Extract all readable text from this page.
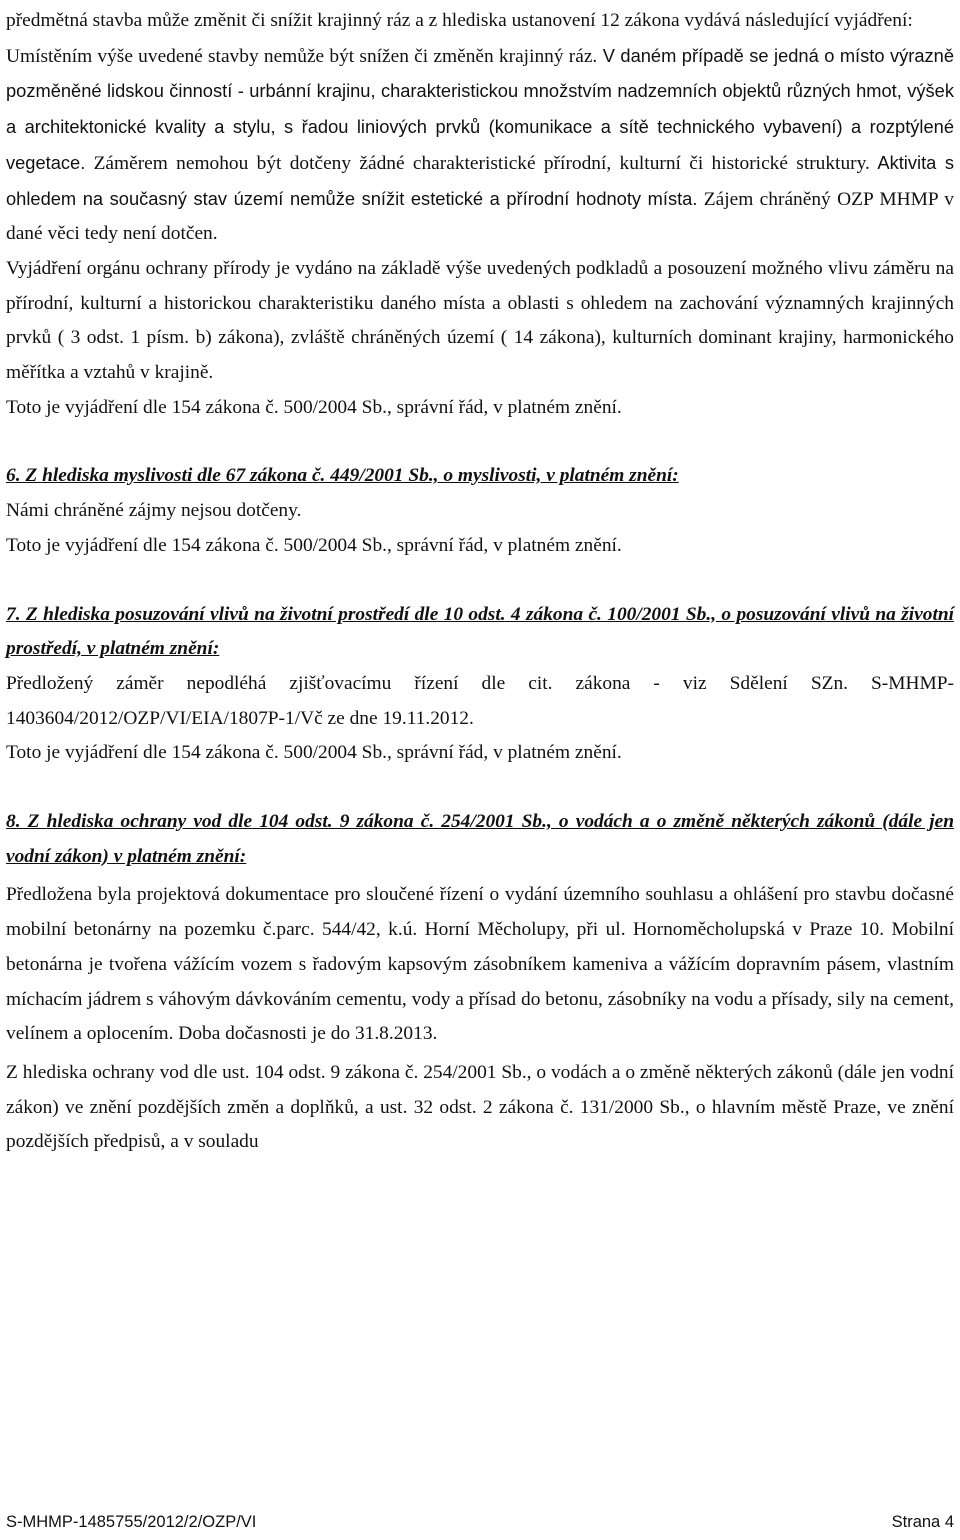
předmětná stavba může změnit či snížit krajinný ráz a z hlediska ustanovení 12 zákona vydává následující vyjádření:

Umístěním výše uvedené stavby nemůže být snížen či změněn krajinný ráz. V daném případě se jedná o místo výrazně pozměněné lidskou činností - urbánní krajinu, charakteristickou množstvím nadzemních objektů různých hmot, výšek a architektonické kvality a stylu, s řadou liniových prvků (komunikace a sítě technického vybavení) a rozptýlené vegetace. Záměrem nemohou být dotčeny žádné charakteristické přírodní, kulturní či historické struktury. Aktivita s ohledem na současný stav území nemůže snížit estetické a přírodní hodnoty místa. Zájem chráněný OZP MHMP v dané věci tedy není dotčen.

Vyjádření orgánu ochrany přírody je vydáno na základě výše uvedených podkladů a posouzení možného vlivu záměru na přírodní, kulturní a historickou charakteristiku daného místa a oblasti s ohledem na zachování významných krajinných prvků ( 3 odst. 1 písm. b) zákona), zvláště chráněných území ( 14 zákona), kulturních dominant krajiny, harmonického měřítka a vztahů v krajině.

Toto je vyjádření dle 154 zákona č. 500/2004 Sb., správní řád, v platném znění.

6. Z hlediska myslivosti dle 67 zákona č. 449/2001 Sb., o myslivosti, v platném znění:

Námi chráněné zájmy nejsou dotčeny.

Toto je vyjádření dle 154 zákona č. 500/2004 Sb., správní řád, v platném znění.

7. Z hlediska posuzování vlivů na životní prostředí dle 10 odst. 4 zákona č. 100/2001 Sb., o posuzování vlivů na životní prostředí, v platném znění:

Předložený záměr nepodléhá zjišťovacímu řízení dle cit. zákona - viz Sdělení SZn. S-MHMP-1403604/2012/OZP/VI/EIA/1807P-1/Vč ze dne 19.11.2012.

Toto je vyjádření dle 154 zákona č. 500/2004 Sb., správní řád, v platném znění.

8. Z hlediska ochrany vod dle 104 odst. 9 zákona č. 254/2001 Sb., o vodách a o změně některých zákonů (dále jen vodní zákon) v platném znění:

Předložena byla projektová dokumentace pro sloučené řízení o vydání územního souhlasu a ohlášení pro stavbu dočasné mobilní betonárny na pozemku č.parc. 544/42, k.ú. Horní Měcholupy, při ul. Hornoměcholupská v Praze 10. Mobilní betonárna je tvořena vážícím vozem s řadovým kapsovým zásobníkem kameniva a vážícím dopravním pásem, vlastním míchacím jádrem s váhovým dávkováním cementu, vody a přísad do betonu, zásobníky na vodu a přísady, sily na cement, velínem a oplocením. Doba dočasnosti je do 31.8.2013.

Z hlediska ochrany vod dle ust. 104 odst. 9 zákona č. 254/2001 Sb., o vodách a o změně některých zákonů (dále jen vodní zákon) ve znění pozdějších změn a doplňků, a ust. 32 odst. 2 zákona č. 131/2000 Sb., o hlavním městě Praze, ve znění pozdějších předpisů, a v souladu

S-MHMP-1485755/2012/2/OZP/VI	Strana 4
